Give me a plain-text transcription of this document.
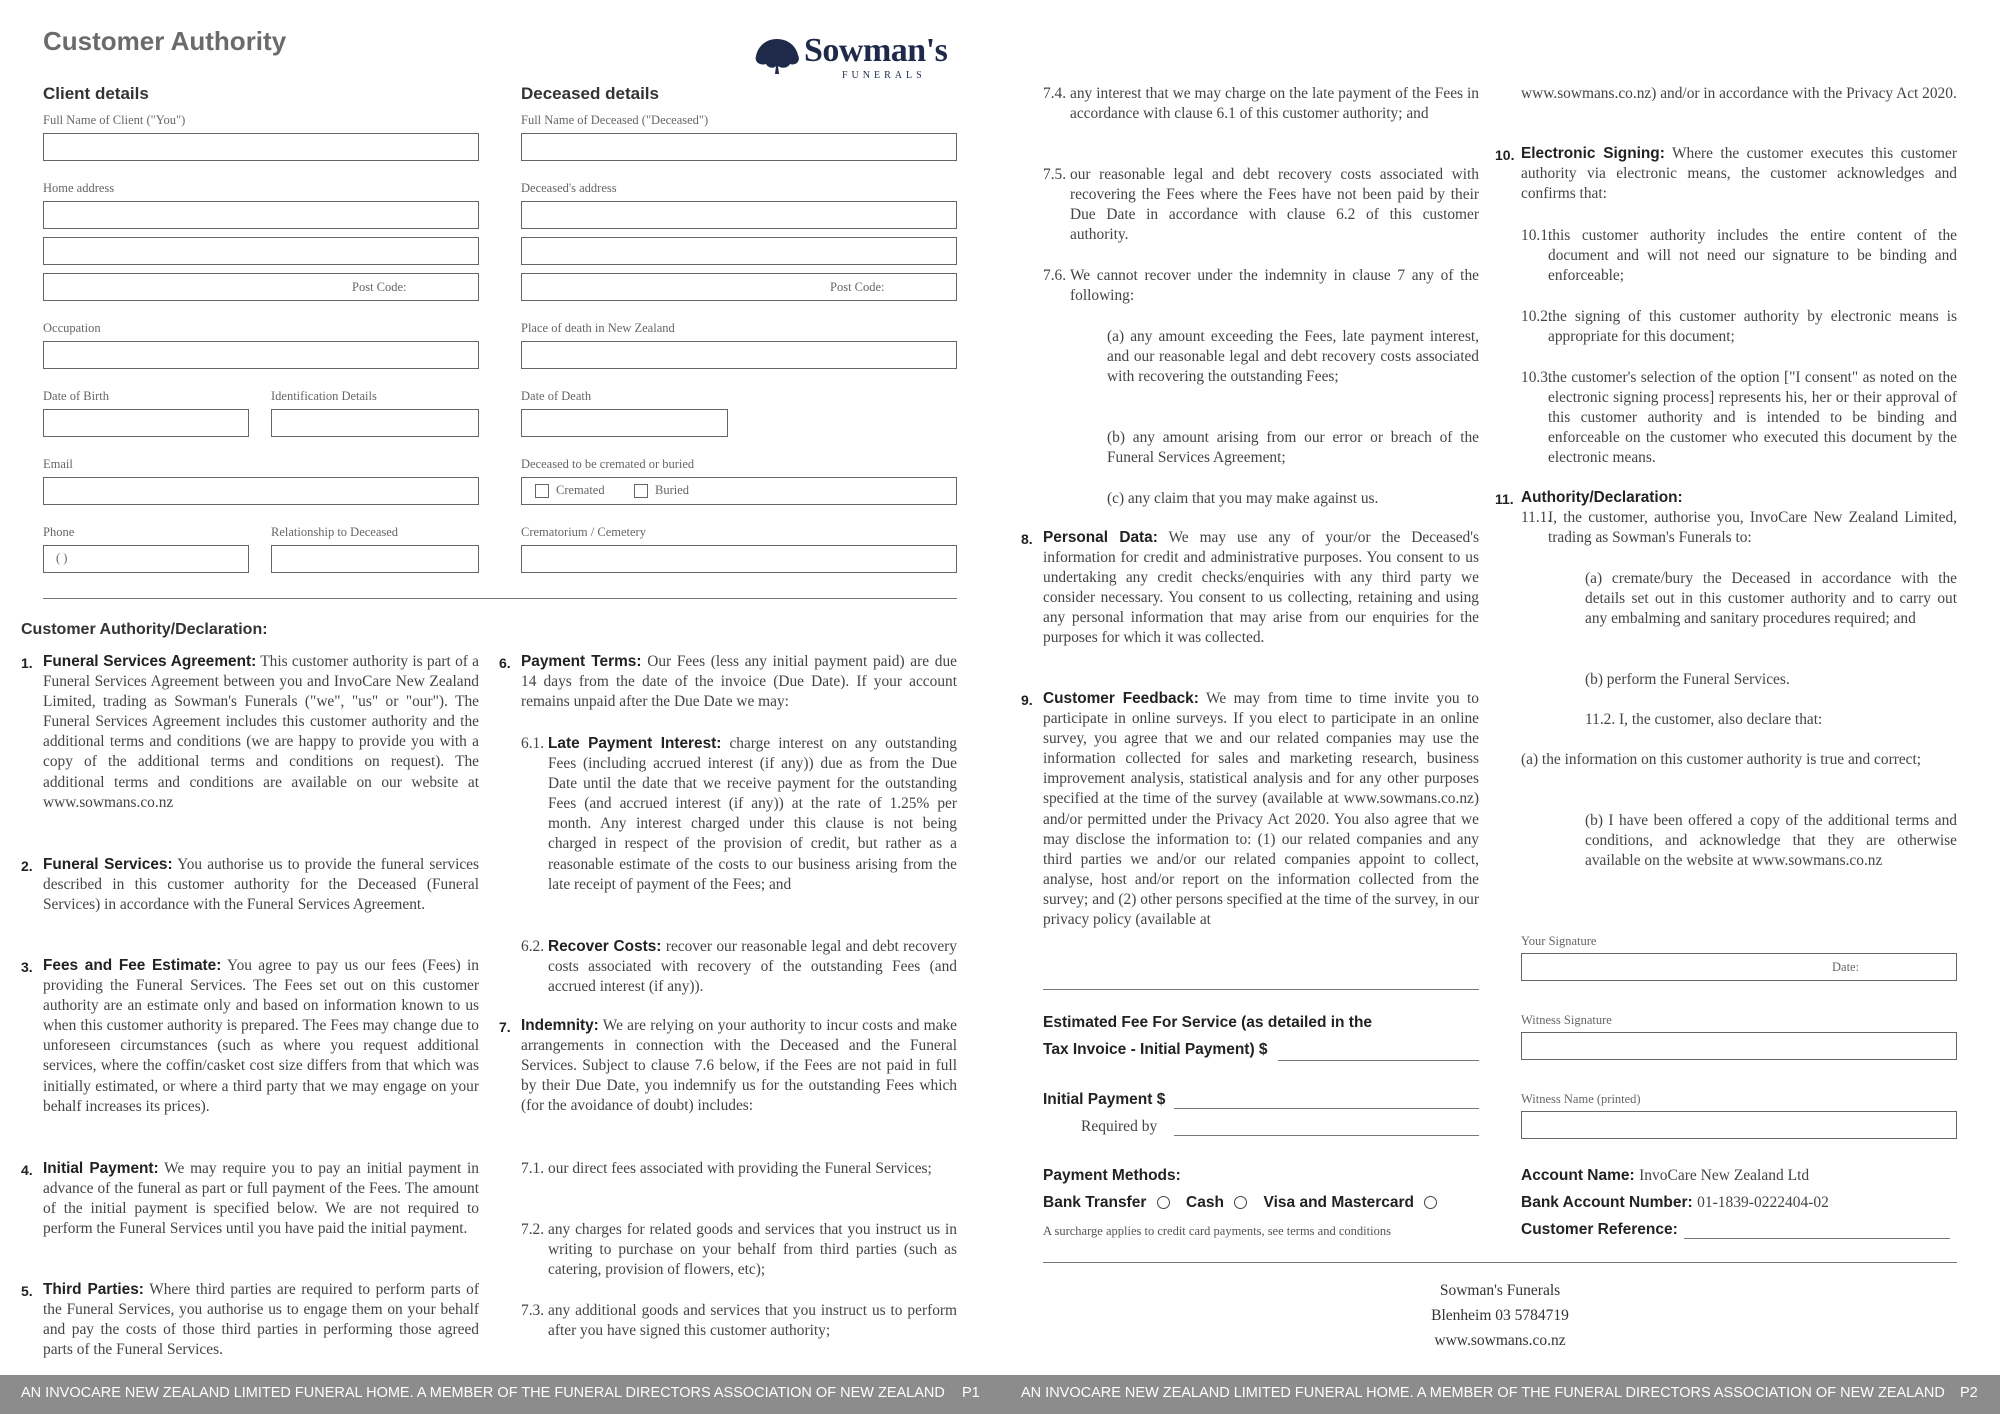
Customer Authority	Sowman's
FUNERALS
Client details
Full Name of Client ("You")
Home address
Post Code:
Occupation
Date of Birth	Identification Details
Email
Phone
( )
Relationship to Deceased
Deceased details
Full Name of Deceased ("Deceased")
Deceased's address
Post Code:
Place of death in New Zealand
Date of Death
Deceased to be cremated or buried
Cremated	Buried
Crematorium / Cemetery
Customer Authority/Declaration:
1. Funeral Services Agreement: This customer authority is part of a Funeral Services Agreement between you and InvoCare New Zealand Limited, trading as Sowman's Funerals ("we", "us" or "our"). The Funeral Services Agreement includes this customer authority and the additional terms and conditions (we are happy to provide you with a copy of the additional terms and conditions on request). The additional terms and conditions are available on our website at www.sowmans.co.nz
2. Funeral Services: You authorise us to provide the funeral services described in this customer authority for the Deceased (Funeral Services) in accordance with the Funeral Services Agreement.
3. Fees and Fee Estimate: You agree to pay us our fees (Fees) in providing the Funeral Services. The Fees set out on this customer authority are an estimate only and based on information known to us when this customer authority is prepared. The Fees may change due to unforeseen circumstances (such as where you request additional services, where the coffin/casket cost size differs from that which was initially estimated, or where a third party that we may engage on your behalf increases its prices).
4. Initial Payment: We may require you to pay an initial payment in advance of the funeral as part or full payment of the Fees. The amount of the initial payment is specified below. We are not required to perform the Funeral Services until you have paid the initial payment.
5. Third Parties: Where third parties are required to perform parts of the Funeral Services, you authorise us to engage them on your behalf and pay the costs of those third parties in performing those agreed parts of the Funeral Services.
6. Payment Terms: Our Fees (less any initial payment paid) are due 14 days from the date of the invoice (Due Date). If your account remains unpaid after the Due Date we may:
6.1. Late Payment Interest: charge interest on any outstanding Fees (including accrued interest (if any)) due as from the Due Date until the date that we receive payment for the outstanding Fees (and accrued interest (if any)) at the rate of 1.25% per month. Any interest charged under this clause is not being charged in respect of the provision of credit, but rather as a reasonable estimate of the costs to our business arising from the late receipt of payment of the Fees; and
6.2. Recover Costs: recover our reasonable legal and debt recovery costs associated with recovery of the outstanding Fees (and accrued interest (if any)).
7. Indemnity: We are relying on your authority to incur costs and make arrangements in connection with the Deceased and the Funeral Services. Subject to clause 7.6 below, if the Fees are not paid in full by their Due Date, you indemnify us for the outstanding Fees which (for the avoidance of doubt) includes:
7.1. our direct fees associated with providing the Funeral Services;
7.2. any charges for related goods and services that you instruct us in writing to purchase on your behalf from third parties (such as catering, provision of flowers, etc);
7.3. any additional goods and services that you instruct us to perform after you have signed this customer authority;
7.4. any interest that we may charge on the late payment of the Fees in accordance with clause 6.1 of this customer authority; and
7.5. our reasonable legal and debt recovery costs associated with recovering the Fees where the Fees have not been paid by their Due Date in accordance with clause 6.2 of this customer authority.
7.6. We cannot recover under the indemnity in clause 7 any of the following:
(a) any amount exceeding the Fees, late payment interest, and our reasonable legal and debt recovery costs associated with recovering the outstanding Fees;
(b) any amount arising from our error or breach of the Funeral Services Agreement;
(c) any claim that you may make against us.
8. Personal Data: We may use any of your/or the Deceased's information for credit and administrative purposes. You consent to us undertaking any credit checks/enquiries with any third party we consider necessary. You consent to us collecting, retaining and using any personal information that may arise from our enquiries for the purposes for which it was collected.
9. Customer Feedback: We may from time to time invite you to participate in online surveys. If you elect to participate in an online survey, you agree that we and our related companies may use the information collected for sales and marketing research, business improvement analysis, statistical analysis and for any other purposes specified at the time of the survey (available at www.sowmans.co.nz) and/or permitted under the Privacy Act 2020. You also agree that we may disclose the information to: (1) our related companies and any third parties we and/or our related companies appoint to collect, analyse, host and/or report on the information collected from the survey; and (2) other persons specified at the time of the survey, in our privacy policy (available at
Estimated Fee For Service (as detailed in the
Tax Invoice - Initial Payment) $
Initial Payment $
Required by
Payment Methods:
Bank Transfer	Cash	Visa and Mastercard
A surcharge applies to credit card payments, see terms and conditions
www.sowmans.co.nz) and/or in accordance with the Privacy Act 2020.
10. Electronic Signing: Where the customer executes this customer authority via electronic means, the customer acknowledges and confirms that:
10.1.
this customer authority includes the entire content of the document and will not need our signature to be binding and enforceable;
10.2.
the signing of this customer authority by electronic means is appropriate for this document;
10.3.
the customer's selection of the option ["I consent" as noted on the electronic signing process] represents his, her or their approval of this customer authority and is intended to be binding and enforceable on the customer who executed this document by the electronic means.
11. Authority/Declaration:
11.1.
I, the customer, authorise you, InvoCare New Zealand Limited, trading as Sowman's Funerals to:
(a) cremate/bury the Deceased in accordance with the details set out in this customer authority and to carry out any embalming and sanitary procedures required; and
(b) perform the Funeral Services.
11.2. I, the customer, also declare that:
(a) the information on this customer authority is true and correct;
(b) I have been offered a copy of the additional terms and conditions, and acknowledge that they are otherwise available on the website at www.sowmans.co.nz
Your Signature
Date:
Witness Signature
Witness Name (printed)
Account Name: InvoCare New Zealand Ltd
Bank Account Number: 01-1839-0222404-02
Customer Reference:
Sowman's Funerals
Blenheim 03 5784719
www.sowmans.co.nz
AN INVOCARE NEW ZEALAND LIMITED FUNERAL HOME. A MEMBER OF THE FUNERAL DIRECTORS ASSOCIATION OF NEW ZEALAND P1	AN INVOCARE NEW ZEALAND LIMITED FUNERAL HOME. A MEMBER OF THE FUNERAL DIRECTORS ASSOCIATION OF NEW ZEALAND P2
